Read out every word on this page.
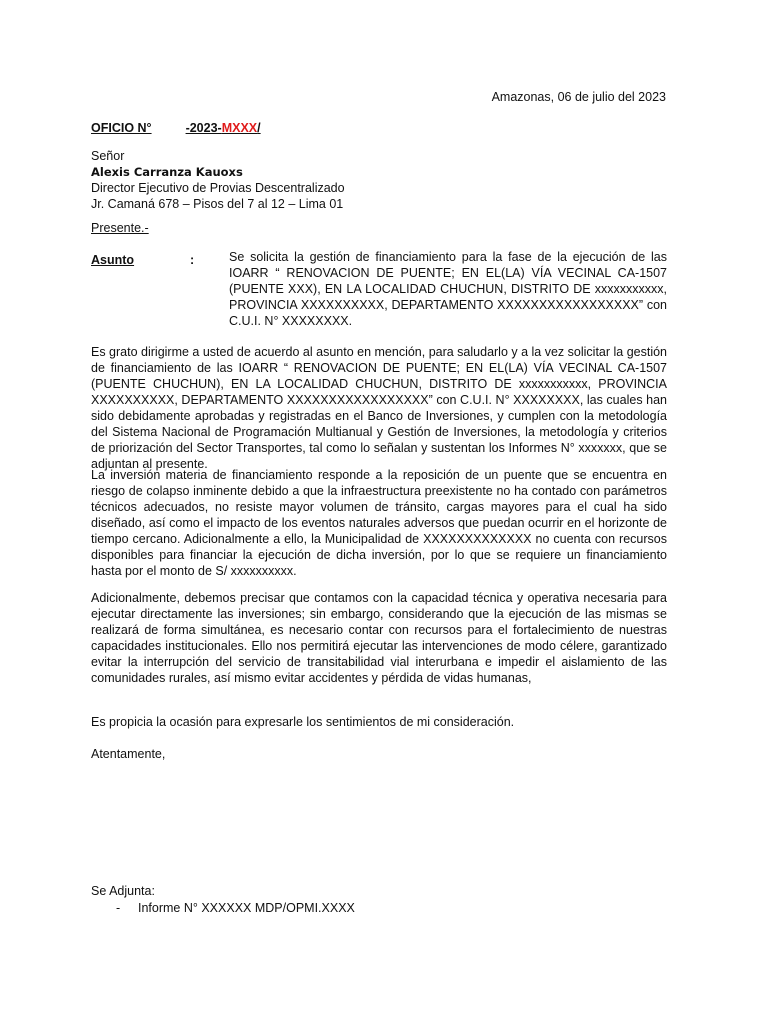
Amazonas, 06 de julio del 2023
OFICIO N°	-2023-MXXX/
Señor
Alexis Carranza Kauoxs
Director Ejecutivo de Provias Descentralizado
Jr. Camaná 678 – Pisos del 7 al 12 – Lima 01
Presente.-
Asunto	:	Se solicita la gestión de financiamiento para la fase de la ejecución de las IOARR “ RENOVACION DE PUENTE; EN EL(LA) VÍA VECINAL CA-1507 (PUENTE XXX), EN LA LOCALIDAD CHUCHUN, DISTRITO DE xxxxxxxxxxx, PROVINCIA XXXXXXXXXX, DEPARTAMENTO XXXXXXXXXXXXXXXXX” con C.U.I. N° XXXXXXXX.
Es grato dirigirme a usted de acuerdo al asunto en mención, para saludarlo y a la vez solicitar la gestión de financiamiento de las IOARR “ RENOVACION DE PUENTE; EN EL(LA) VÍA VECINAL CA-1507 (PUENTE CHUCHUN), EN LA LOCALIDAD CHUCHUN, DISTRITO DE xxxxxxxxxxx, PROVINCIA XXXXXXXXXX, DEPARTAMENTO XXXXXXXXXXXXXXXXX” con C.U.I. N° XXXXXXXX, las cuales han sido debidamente aprobadas y registradas en el Banco de Inversiones, y cumplen con la metodología del Sistema Nacional de Programación Multianual y Gestión de Inversiones, la metodología y criterios de priorización del Sector Transportes, tal como lo señalan y sustentan los Informes N° xxxxxxx, que se adjuntan al presente.
La inversión materia de financiamiento responde a la reposición de un puente que se encuentra en riesgo de colapso inminente debido a que la infraestructura preexistente no ha contado con parámetros técnicos adecuados, no resiste mayor volumen de tránsito, cargas mayores para el cual ha sido diseñado, así como el impacto de los eventos naturales adversos que puedan ocurrir en el horizonte de tiempo cercano. Adicionalmente a ello, la Municipalidad de XXXXXXXXXXXXX no cuenta con recursos disponibles para financiar la ejecución de dicha inversión, por lo que se requiere un financiamiento hasta por el monto de S/ xxxxxxxxxx.
Adicionalmente, debemos precisar que contamos con la capacidad técnica y operativa necesaria para ejecutar directamente las inversiones; sin embargo, considerando que la ejecución de las mismas se realizará de forma simultánea, es necesario contar con recursos para el fortalecimiento de nuestras capacidades institucionales. Ello nos permitirá ejecutar las intervenciones de modo célere, garantizado evitar la interrupción del servicio de transitabilidad vial interurbana e impedir el aislamiento de las comunidades rurales, así mismo evitar accidentes y pérdida de vidas humanas,
Es propicia la ocasión para expresarle los sentimientos de mi consideración.
Atentamente,
Se Adjunta:
- Informe N° XXXXXX MDP/OPMI.XXXX
